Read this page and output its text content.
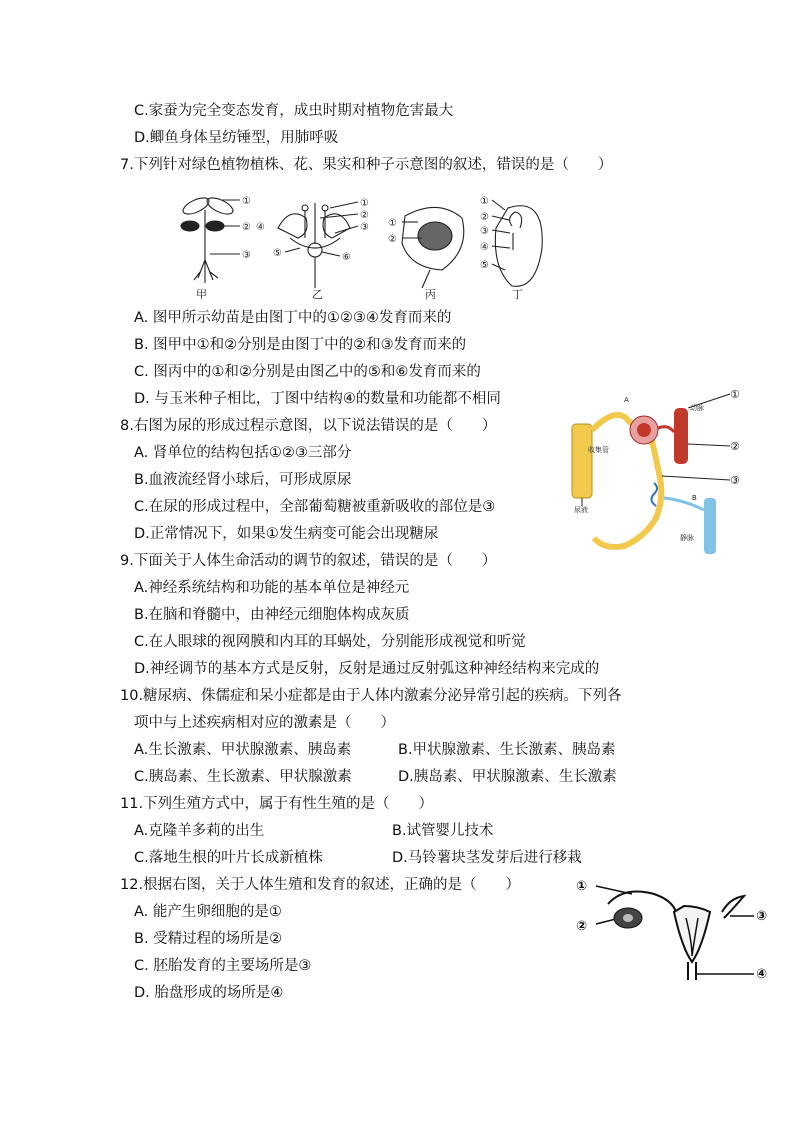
C.家蚕为完全变态发育，成虫时期对植物危害最大
D.鲫鱼身体呈纺锤型，用肺呼吸
7.下列针对绿色植物植株、花、果实和种子示意图的叙述，错误的是（　　）
①
②
③
④
①
②
③
⑤	⑥
①
②
①
②
③
④
⑤
甲	乙	丙	丁
A. 图甲所示幼苗是由图丁中的①②③④发育而来的
B. 图甲中①和②分别是由图丁中的②和③发育而来的
C. 图丙中的①和②分别是由图乙中的⑤和⑥发育而来的
D. 与玉米种子相比，丁图中结构④的数量和功能都不相同
8.右图为尿的形成过程示意图，以下说法错误的是（　　）
A. 肾单位的结构包括①②③三部分
B.血液流经肾小球后，可形成原尿
C.在尿的形成过程中，全部葡萄糖被重新吸收的部位是③
D.正常情况下，如果①发生病变可能会出现糖尿
收集管
尿液
动脉
静脉
A
B
①
②
③
9.下面关于人体生命活动的调节的叙述，错误的是（　　）
A.神经系统结构和功能的基本单位是神经元
B.在脑和脊髓中，由神经元细胞体构成灰质
C.在人眼球的视网膜和内耳的耳蜗处，分别能形成视觉和听觉
D.神经调节的基本方式是反射，反射是通过反射弧这种神经结构来完成的
10.糖尿病、侏儒症和呆小症都是由于人体内激素分泌异常引起的疾病。下列各
项中与上述疾病相对应的激素是（　　）
A.生长激素、甲状腺激素、胰岛素	B.甲状腺激素、生长激素、胰岛素
C.胰岛素、生长激素、甲状腺激素	D.胰岛素、甲状腺激素、生长激素
11.下列生殖方式中，属于有性生殖的是（　　）
A.克隆羊多莉的出生	B.试管婴儿技术
C.落地生根的叶片长成新植株	D.马铃薯块茎发芽后进行移栽
12.根据右图，关于人体生殖和发育的叙述，正确的是（　　）
A. 能产生卵细胞的是①
B. 受精过程的场所是②
C. 胚胎发育的主要场所是③
D. 胎盘形成的场所是④
①
②
③
④
